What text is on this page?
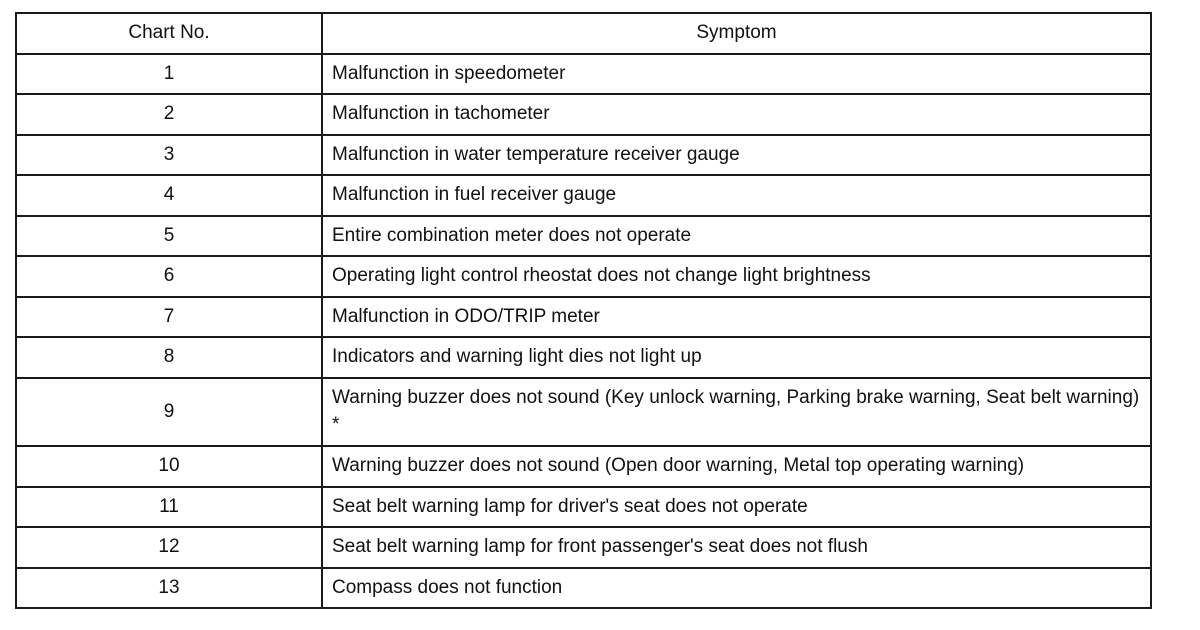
Chart No.	Symptom
1	Malfunction in speedometer
2	Malfunction in tachometer
3	Malfunction in water temperature receiver gauge
4	Malfunction in fuel receiver gauge
5	Entire combination meter does not operate
6	Operating light control rheostat does not change light brightness
7	Malfunction in ODO/TRIP meter
8	Indicators and warning light dies not light up
9	Warning buzzer does not sound (Key unlock warning, Parking brake warning, Seat belt warning) *
10	Warning buzzer does not sound (Open door warning, Metal top operating warning)
11	Seat belt warning lamp for driver's seat does not operate
12	Seat belt warning lamp for front passenger's seat does not flush
13	Compass does not function
